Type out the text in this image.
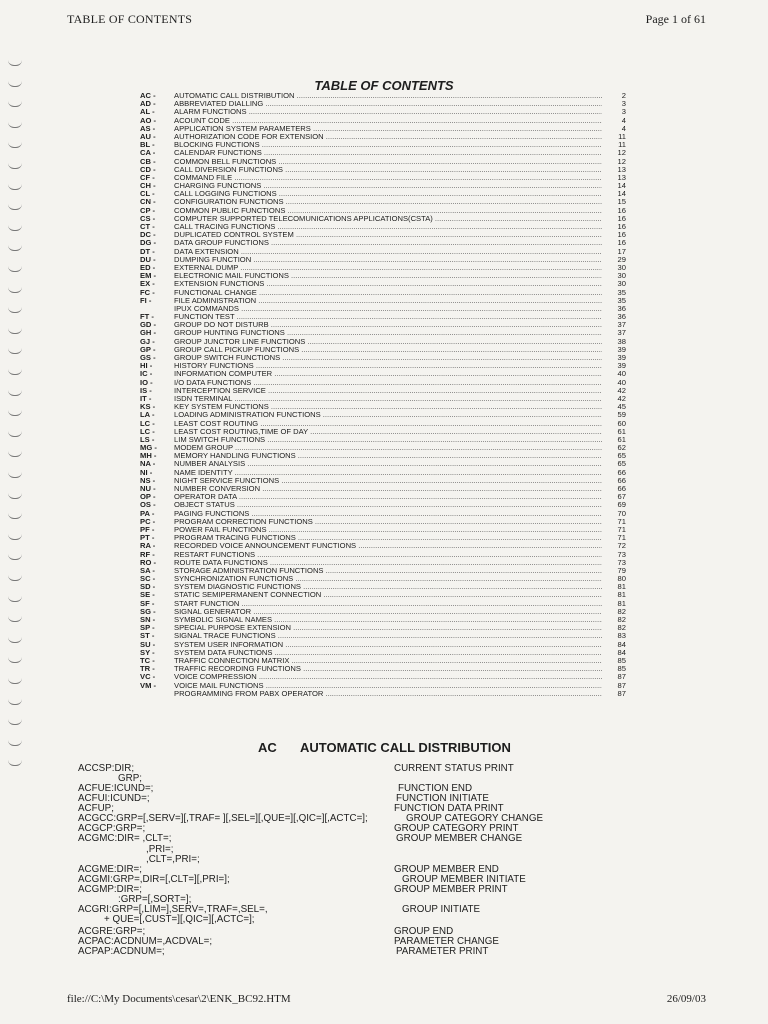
TABLE OF CONTENTS	Page 1 of 61
TABLE OF CONTENTS
AC -	AUTOMATIC CALL DISTRIBUTION .....	2
AD -	ABBREVIATED DIALLING .....	3
AL -	ALARM FUNCTIONS .....	3
AO -	ACOUNT CODE .....	4
AS -	APPLICATION SYSTEM PARAMETERS .....	4
AU -	AUTHORIZATION CODE FOR EXTENSION .....	11
BL -	BLOCKING FUNCTIONS .....	11
CA -	CALENDAR FUNCTIONS .....	12
CB -	COMMON BELL FUNCTIONS .....	12
CD -	CALL DIVERSION FUNCTIONS .....	13
CF -	COMMAND FILE .....	13
CH -	CHARGING FUNCTIONS .....	14
CL -	CALL LOGGING FUNCTIONS .....	14
CN -	CONFIGURATION FUNCTIONS .....	15
CP -	COMMON PUBLIC FUNCTIONS .....	16
CS -	COMPUTER SUPPORTED TELECOMUNICATIONS APPLICATIONS(CSTA) .....	16
CT -	CALL TRACING FUNCTIONS .....	16
DC -	DUPLICATED CONTROL SYSTEM .....	16
DG -	DATA GROUP FUNCTIONS .....	16
DT -	DATA EXTENSION .....	17
DU -	DUMPING FUNCTION .....	29
ED -	EXTERNAL DUMP .....	30
EM -	ELECTRONIC MAIL FUNCTIONS .....	30
EX -	EXTENSION FUNCTIONS .....	30
FC -	FUNCTIONAL CHANGE .....	35
FI -	FILE ADMINISTRATION .....	35
IPUX COMMANDS .....	36
FT -	FUNCTION TEST .....	36
GD -	GROUP DO NOT DISTURB .....	37
GH -	GROUP HUNTING FUNCTIONS .....	37
GJ -	GROUP JUNCTOR LINE FUNCTIONS .....	38
GP -	GROUP CALL PICKUP FUNCTIONS .....	39
GS -	GROUP SWITCH FUNCTIONS .....	39
HI -	HISTORY FUNCTIONS .....	39
IC -	INFORMATION COMPUTER .....	40
IO -	I/O DATA FUNCTIONS .....	40
IS -	INTERCEPTION SERVICE .....	42
IT -	ISDN TERMINAL .....	42
KS -	KEY SYSTEM FUNCTIONS .....	45
LA -	LOADING ADMINISTRATION FUNCTIONS .....	59
LC -	LEAST COST ROUTING .....	60
LC -	LEAST COST ROUTING,TIME OF DAY .....	61
LS -	LIM SWITCH FUNCTIONS .....	61
MG -	MODEM GROUP .....	62
MH -	MEMORY HANDLING FUNCTIONS .....	65
NA -	NUMBER ANALYSIS .....	65
NI -	NAME IDENTITY .....	66
NS -	NIGHT SERVICE FUNCTIONS .....	66
NU -	NUMBER CONVERSION .....	66
OP -	OPERATOR DATA .....	67
OS -	OBJECT STATUS .....	69
PA -	PAGING FUNCTIONS .....	70
PC -	PROGRAM CORRECTION FUNCTIONS .....	71
PF -	POWER FAIL FUNCTIONS .....	71
PT -	PROGRAM TRACING FUNCTIONS .....	71
RA -	RECORDED VOICE ANNOUNCEMENT FUNCTIONS .....	72
RF -	RESTART FUNCTIONS .....	73
RO -	ROUTE DATA FUNCTIONS .....	73
SA -	STORAGE ADMINISTRATION FUNCTIONS .....	79
SC -	SYNCHRONIZATION FUNCTIONS .....	80
SD -	SYSTEM DIAGNOSTIC FUNCTIONS .....	81
SE -	STATIC SEMIPERMANENT CONNECTION .....	81
SF -	START FUNCTION .....	81
SG -	SIGNAL GENERATOR .....	82
SN -	SYMBOLIC SIGNAL NAMES .....	82
SP -	SPECIAL PURPOSE EXTENSION .....	82
ST -	SIGNAL TRACE FUNCTIONS .....	83
SU -	SYSTEM USER INFORMATION .....	84
SY -	SYSTEM DATA FUNCTIONS .....	84
TC -	TRAFFIC CONNECTION MATRIX .....	85
TR -	TRAFFIC RECORDING FUNCTIONS .....	85
VC -	VOICE COMPRESSION .....	87
VM -	VOICE MAIL FUNCTIONS .....	87
PROGRAMMING FROM PABX OPERATOR .....	87
AC AUTOMATIC CALL DISTRIBUTION
ACCSP:DIR;	CURRENT STATUS PRINT
GRP;
ACFUE:ICUND=;	FUNCTION END
ACFUI:ICUND=;	FUNCTION INITIATE
ACFUP;	FUNCTION DATA PRINT
ACGCC:GRP=[,SERV=][,TRAF= ][,SEL=][,QUE=][,QIC=][,ACTC=];	GROUP CATEGORY CHANGE
ACGCP:GRP=;	GROUP CATEGORY PRINT
ACGMC:DIR= ,CLT=;	GROUP MEMBER CHANGE
,PRI=;
,CLT=,PRI=;
ACGME:DIR=;	GROUP MEMBER END
ACGMI:GRP=,DIR=[,CLT=][,PRI=];	GROUP MEMBER INITIATE
ACGMP:DIR=;	GROUP MEMBER PRINT
:GRP=[,SORT=];
ACGRI:GRP=[,LIM=],SERV=,TRAF=,SEL=,	GROUP INITIATE
+ QUE=[,CUST=][,QIC=][,ACTC=];
ACGRE:GRP=;	GROUP END
ACPAC:ACDNUM=,ACDVAL=;	PARAMETER CHANGE
ACPAP:ACDNUM=;	PARAMETER PRINT
file://C:\My Documents\cesar\2\ENK_BC92.HTM	26/09/03
